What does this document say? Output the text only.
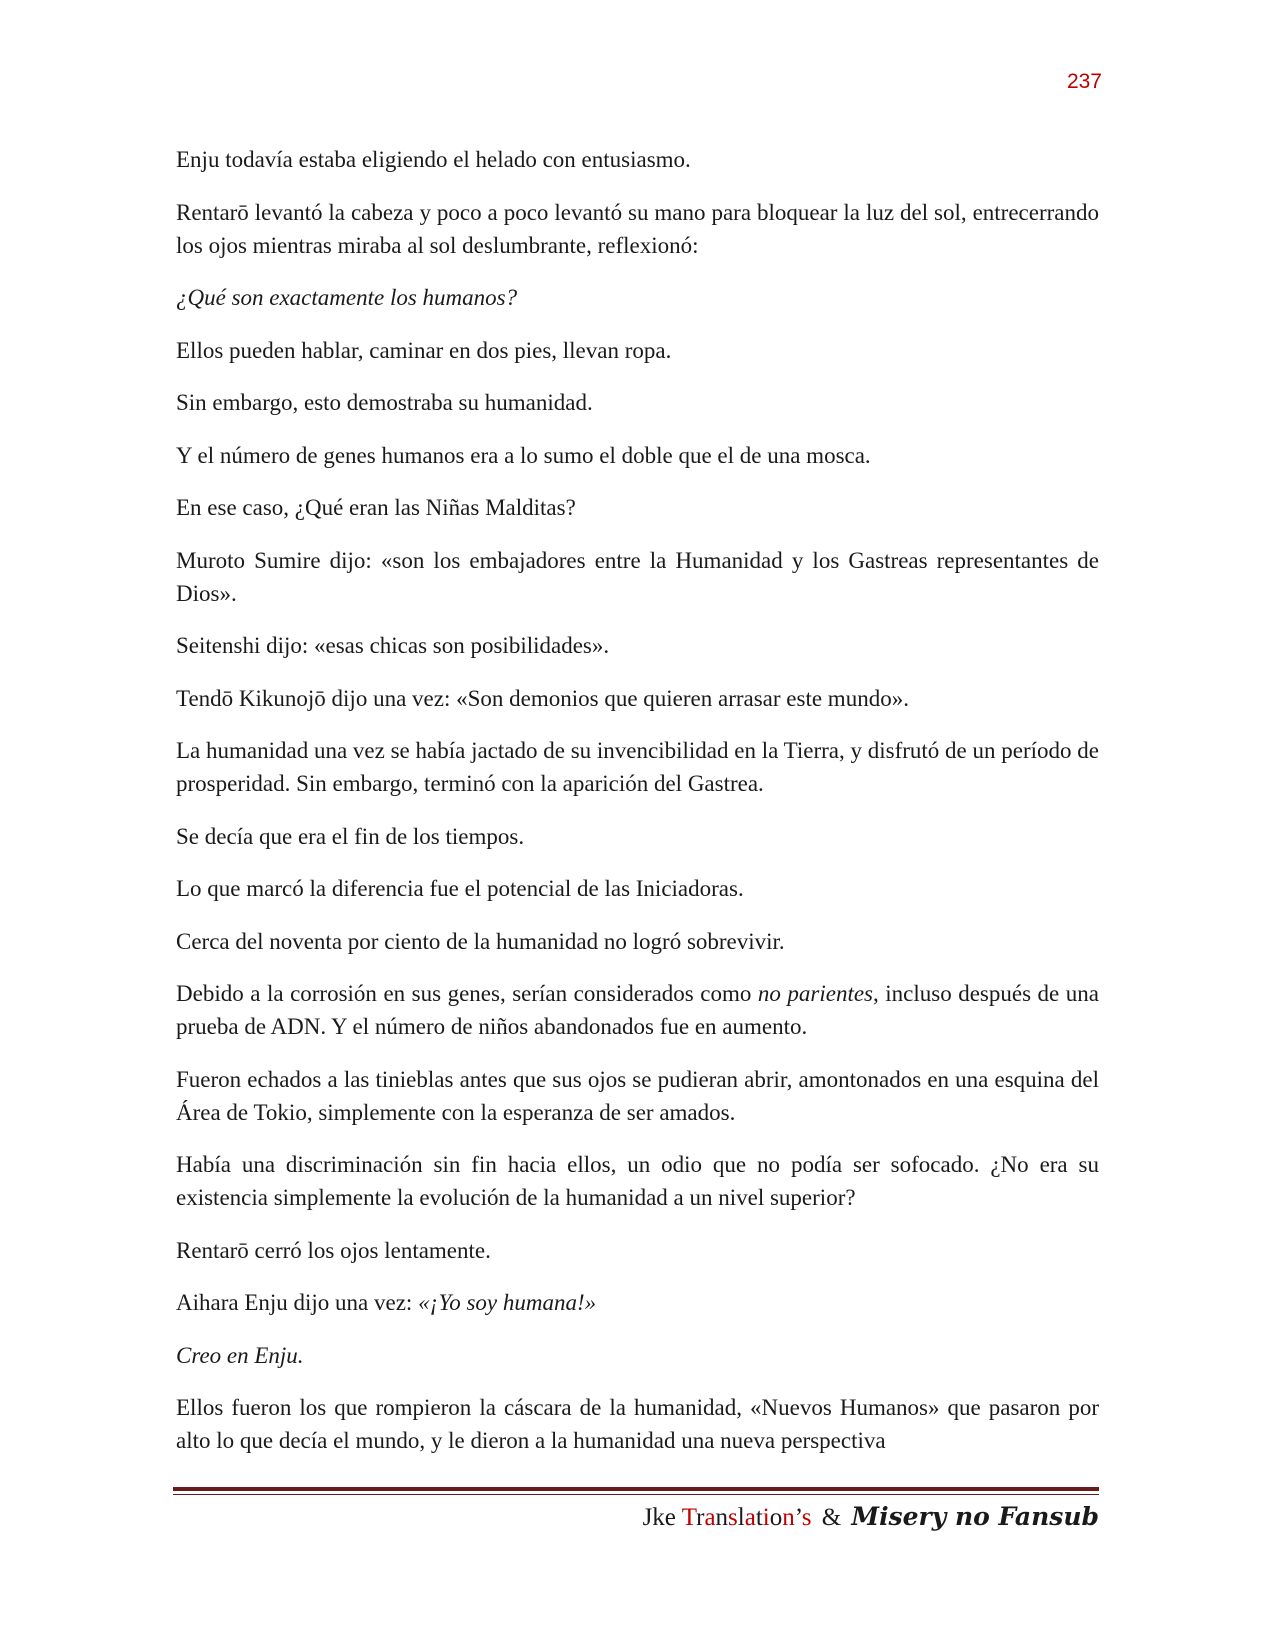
237

Enju todavía estaba eligiendo el helado con entusiasmo.

Rentarō levantó la cabeza y poco a poco levantó su mano para bloquear la luz del sol, entrecerrando los ojos mientras miraba al sol deslumbrante, reflexionó:

¿Qué son exactamente los humanos?

Ellos pueden hablar, caminar en dos pies, llevan ropa.

Sin embargo, esto demostraba su humanidad.

Y el número de genes humanos era a lo sumo el doble que el de una mosca.

En ese caso, ¿Qué eran las Niñas Malditas?

Muroto Sumire dijo: «son los embajadores entre la Humanidad y los Gastreas representantes de Dios».

Seitenshi dijo: «esas chicas son posibilidades».

Tendō Kikunojō dijo una vez: «Son demonios que quieren arrasar este mundo».

La humanidad una vez se había jactado de su invencibilidad en la Tierra, y disfrutó de un período de prosperidad. Sin embargo, terminó con la aparición del Gastrea.

Se decía que era el fin de los tiempos.

Lo que marcó la diferencia fue el potencial de las Iniciadoras.

Cerca del noventa por ciento de la humanidad no logró sobrevivir.

Debido a la corrosión en sus genes, serían considerados como no parientes, incluso después de una prueba de ADN. Y el número de niños abandonados fue en aumento.

Fueron echados a las tinieblas antes que sus ojos se pudieran abrir, amontonados en una esquina del Área de Tokio, simplemente con la esperanza de ser amados.

Había una discriminación sin fin hacia ellos, un odio que no podía ser sofocado. ¿No era su existencia simplemente la evolución de la humanidad a un nivel superior?

Rentarō cerró los ojos lentamente.

Aihara Enju dijo una vez: «¡Yo soy humana!»

Creo en Enju.

Ellos fueron los que rompieron la cáscara de la humanidad, «Nuevos Humanos» que pasaron por alto lo que decía el mundo, y le dieron a la humanidad una nueva perspectiva

Jke Translation’s & Misery no Fansub
